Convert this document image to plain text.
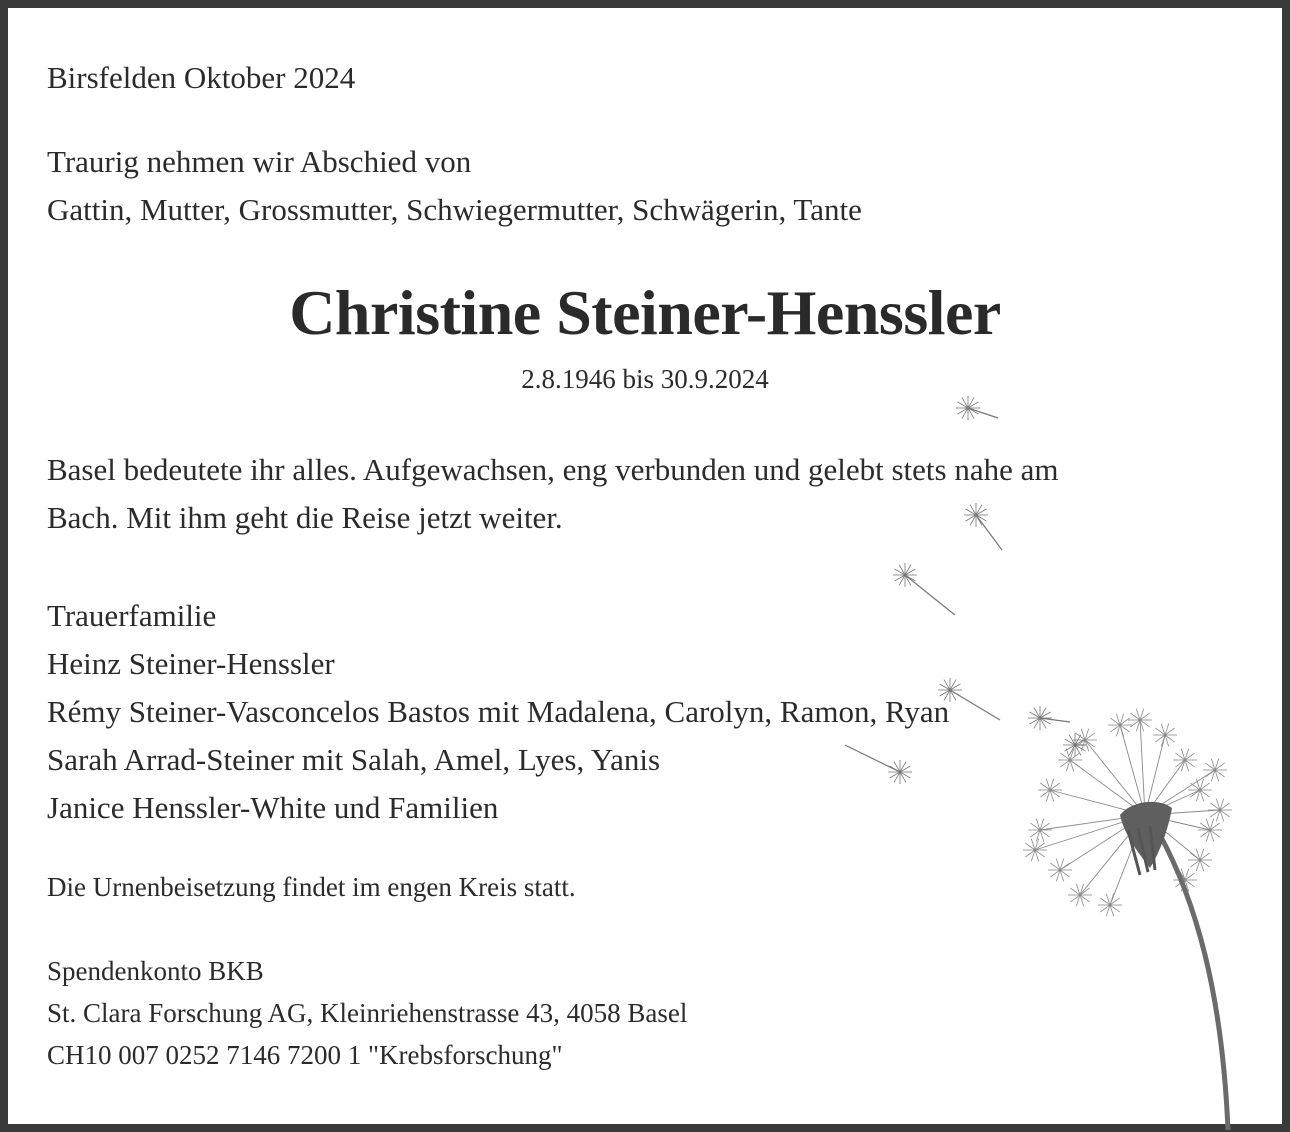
Birsfelden Oktober 2024
Traurig nehmen wir Abschied von
Gattin, Mutter, Grossmutter, Schwiegermutter, Schwägerin, Tante
Christine Steiner-Henssler
2.8.1946 bis 30.9.2024
Basel bedeutete ihr alles. Aufgewachsen, eng verbunden und gelebt stets nahe am
Bach. Mit ihm geht die Reise jetzt weiter.
Trauerfamilie
Heinz Steiner-Henssler
Rémy Steiner-Vasconcelos Bastos mit Madalena, Carolyn, Ramon, Ryan
Sarah Arrad-Steiner mit Salah, Amel, Lyes, Yanis
Janice Henssler-White und Familien
Die Urnenbeisetzung findet im engen Kreis statt.
Spendenkonto BKB
St. Clara Forschung AG, Kleinriehenstrasse 43, 4058 Basel
CH10 007 0252 7146 7200 1 "Krebsforschung"
